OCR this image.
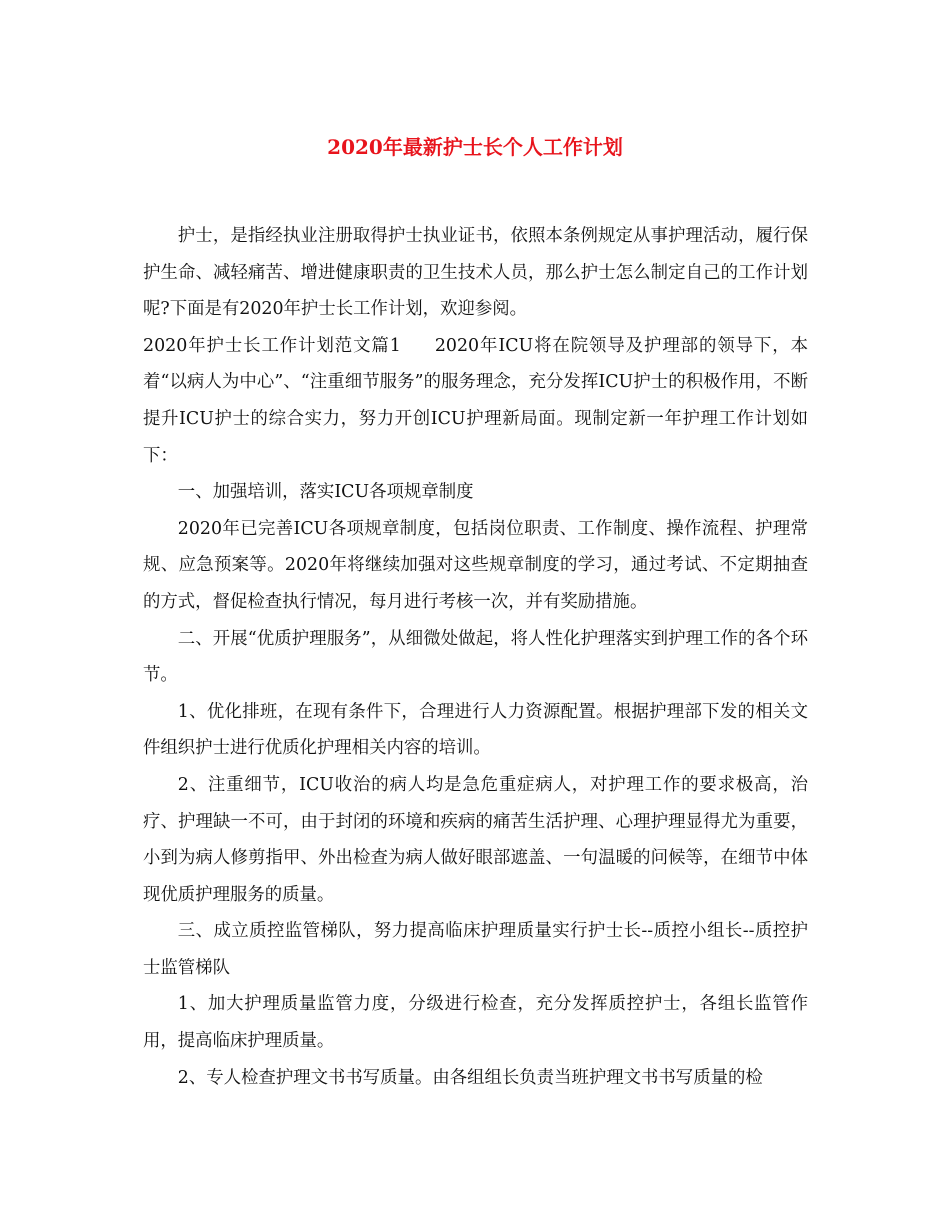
2020年最新护士长个人工作计划

护士，是指经执业注册取得护士执业证书，依照本条例规定从事护理活动，履行保护生命、减轻痛苦、增进健康职责的卫生技术人员，那么护士怎么制定自己的工作计划呢?下面是有2020年护士长工作计划，欢迎参阅。

2020年护士长工作计划范文篇1 2020年ICU将在院领导及护理部的领导下，本着“以病人为中心”、“注重细节服务”的服务理念，充分发挥ICU护士的积极作用，不断提升ICU护士的综合实力，努力开创ICU护理新局面。现制定新一年护理工作计划如下：

一、加强培训，落实ICU各项规章制度

2020年已完善ICU各项规章制度，包括岗位职责、工作制度、操作流程、护理常规、应急预案等。2020年将继续加强对这些规章制度的学习，通过考试、不定期抽查的方式，督促检查执行情况，每月进行考核一次，并有奖励措施。

二、开展“优质护理服务”，从细微处做起，将人性化护理落实到护理工作的各个环节。

1、优化排班，在现有条件下，合理进行人力资源配置。根据护理部下发的相关文件组织护士进行优质化护理相关内容的培训。

2、注重细节，ICU收治的病人均是急危重症病人，对护理工作的要求极高，治疗、护理缺一不可，由于封闭的环境和疾病的痛苦生活护理、心理护理显得尤为重要，小到为病人修剪指甲、外出检查为病人做好眼部遮盖、一句温暖的问候等，在细节中体现优质护理服务的质量。

三、成立质控监管梯队，努力提高临床护理质量实行护士长--质控小组长--质控护士监管梯队

1、加大护理质量监管力度，分级进行检查，充分发挥质控护士，各组长监管作用，提高临床护理质量。

2、专人检查护理文书书写质量。由各组组长负责当班护理文书书写质量的检
